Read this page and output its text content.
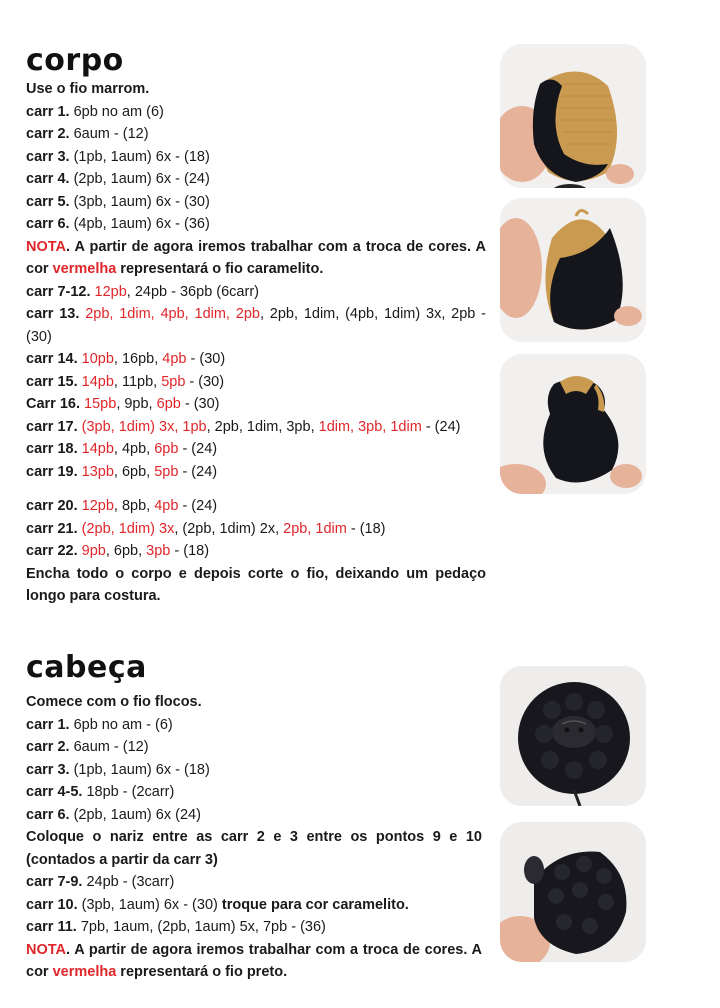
corpo
Use o fio marrom.
carr 1. 6pb no am (6)
carr 2. 6aum - (12)
carr 3. (1pb, 1aum) 6x - (18)
carr 4. (2pb, 1aum) 6x - (24)
carr 5. (3pb, 1aum) 6x - (30)
carr 6. (4pb, 1aum) 6x - (36)
NOTA. A partir de agora iremos trabalhar com a troca de cores. A cor vermelha representará o fio caramelito.
carr 7-12. 12pb, 24pb - 36pb (6carr)
carr 13. 2pb, 1dim, 4pb, 1dim, 2pb, 2pb, 1dim, (4pb, 1dim) 3x, 2pb - (30)
carr 14. 10pb, 16pb, 4pb - (30)
carr 15. 14pb, 11pb, 5pb - (30)
Carr 16. 15pb, 9pb, 6pb - (30)
carr 17. (3pb, 1dim) 3x, 1pb, 2pb, 1dim, 3pb, 1dim, 3pb, 1dim - (24)
carr 18. 14pb, 4pb, 6pb - (24)
carr 19. 13pb, 6pb, 5pb - (24)
carr 20. 12pb, 8pb, 4pb - (24)
carr 21. (2pb, 1dim) 3x, (2pb, 1dim) 2x, 2pb, 1dim - (18)
carr 22. 9pb, 6pb, 3pb - (18)
Encha todo o corpo e depois corte o fio, deixando um pedaço longo para costura.
cabeça
Comece com o fio flocos.
carr 1. 6pb no am - (6)
carr 2. 6aum - (12)
carr 3. (1pb, 1aum) 6x - (18)
carr 4-5. 18pb - (2carr)
carr 6. (2pb, 1aum) 6x (24)
Coloque o nariz entre as carr 2 e 3 entre os pontos 9 e 10 (contados a partir da carr 3)
carr 7-9. 24pb - (3carr)
carr 10. (3pb, 1aum) 6x - (30) troque para cor caramelito.
carr 11. 7pb, 1aum, (2pb, 1aum) 5x, 7pb - (36)
NOTA. A partir de agora iremos trabalhar com a troca de cores. A cor vermelha representará o fio preto.
